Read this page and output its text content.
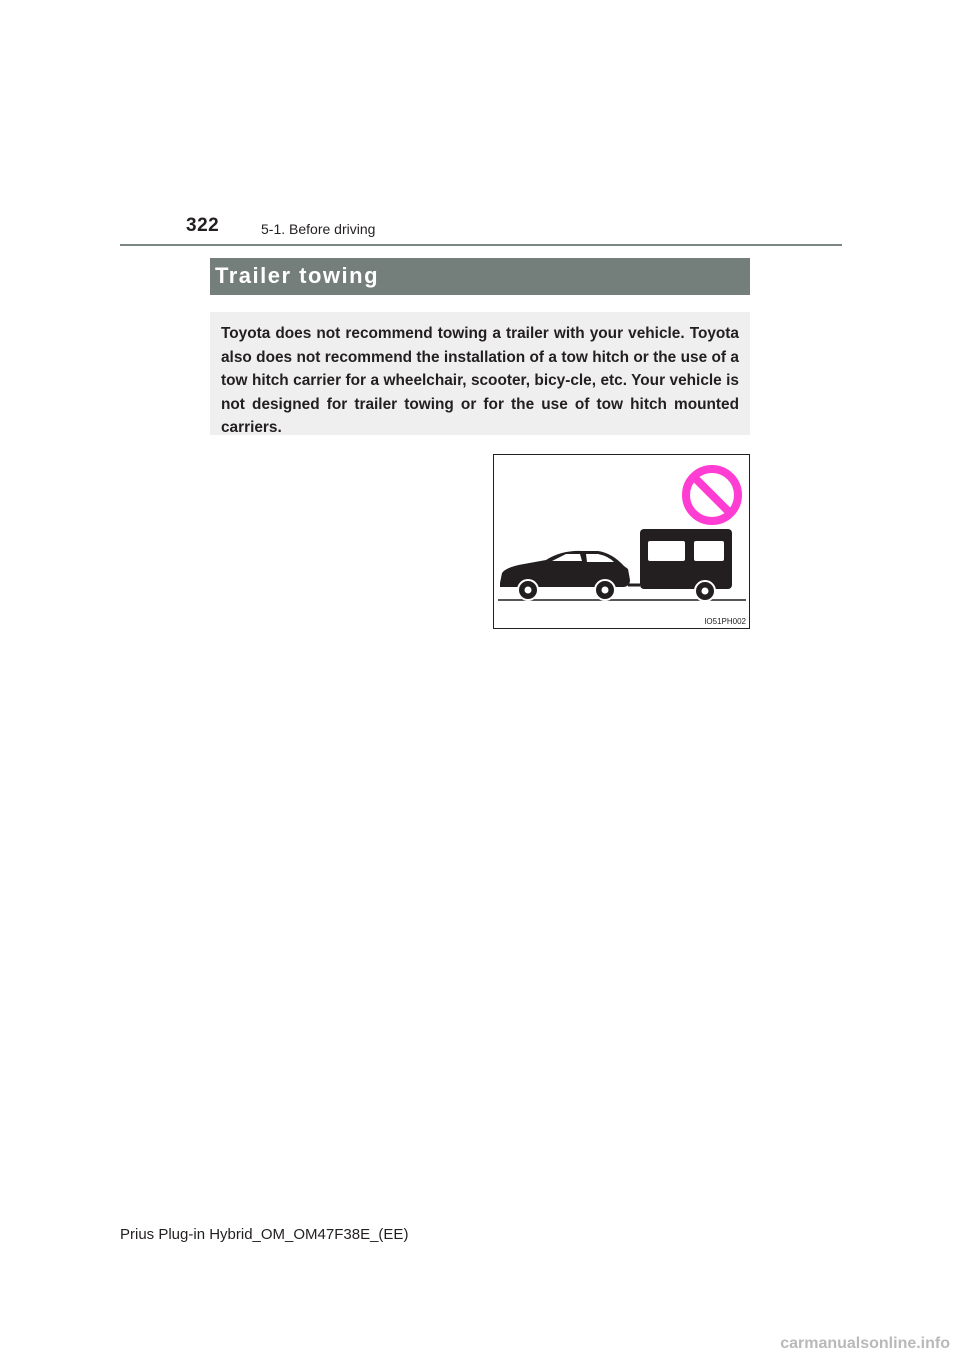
322	5-1. Before driving
Trailer towing

Toyota does not recommend towing a trailer with your vehicle. Toyota also does not recommend the installation of a tow hitch or the use of a tow hitch carrier for a wheelchair, scooter, bicy-cle, etc. Your vehicle is not designed for trailer towing or for the use of tow hitch mounted carriers.

IO51PH002
Prius Plug-in Hybrid_OM_OM47F38E_(EE)
carmanualsonline.info
